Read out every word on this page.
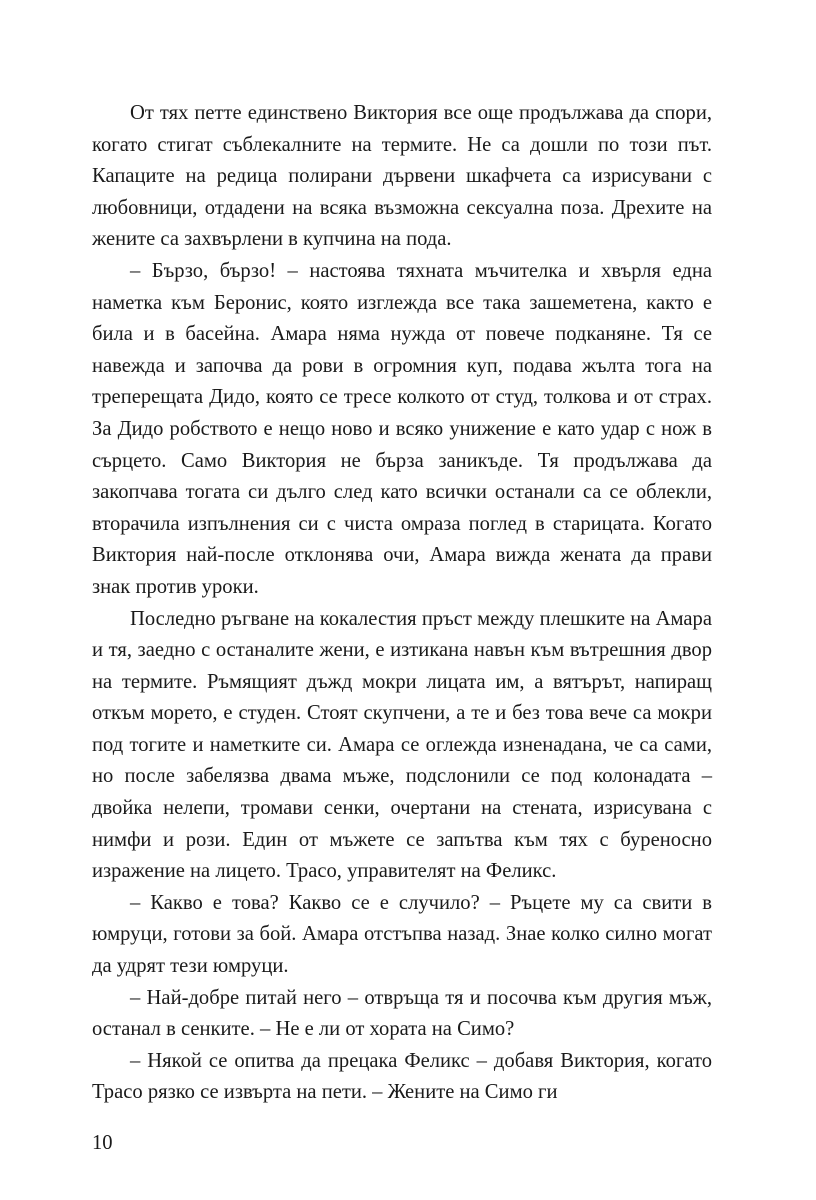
От тях петте единствено Виктория все още продължава да спори, когато стигат съблекалните на термите. Не са дошли по този път. Капаците на редица полирани дървени шкафчета са изрисувани с любовници, отдадени на всяка възможна сексуална поза. Дрехите на жените са захвърлени в купчина на пода.

– Бързо, бързо! – настоява тяхната мъчителка и хвърля една наметка към Беронис, която изглежда все така зашеметена, както е била и в басейна. Амара няма нужда от повече подканяне. Тя се навежда и започва да рови в огромния куп, подава жълта тога на треперещата Дидо, която се тресе колкото от студ, толкова и от страх. За Дидо робството е нещо ново и всяко унижение е като удар с нож в сърцето. Само Виктория не бърза заникъде. Тя продължава да закопчава тогата си дълго след като всички останали са се облекли, вторачила изпълнения си с чиста омраза поглед в старицата. Когато Виктория най-после отклонява очи, Амара вижда жената да прави знак против уроки.

Последно ръгване на кокалестия пръст между плешките на Амара и тя, заедно с останалите жени, е изтикана навън към вътрешния двор на термите. Ръмящият дъжд мокри лицата им, а вятърът, напиращ откъм морето, е студен. Стоят скупчени, а те и без това вече са мокри под тогите и наметките си. Амара се оглежда изненадана, че са сами, но после забелязва двама мъже, подслонили се под колонадата – двойка нелепи, тромави сенки, очертани на стената, изрисувана с нимфи и рози. Един от мъжете се запътва към тях с буреносно изражение на лицето. Трасо, управителят на Феликс.

– Какво е това? Какво се е случило? – Ръцете му са свити в юмруци, готови за бой. Амара отстъпва назад. Знае колко силно могат да удрят тези юмруци.

– Най-добре питай него – отвръща тя и посочва към другия мъж, останал в сенките. – Не е ли от хората на Симо?

– Някой се опитва да прецака Феликс – добавя Виктория, когато Трасо рязко се извърта на пети. – Жените на Симо ги

10
